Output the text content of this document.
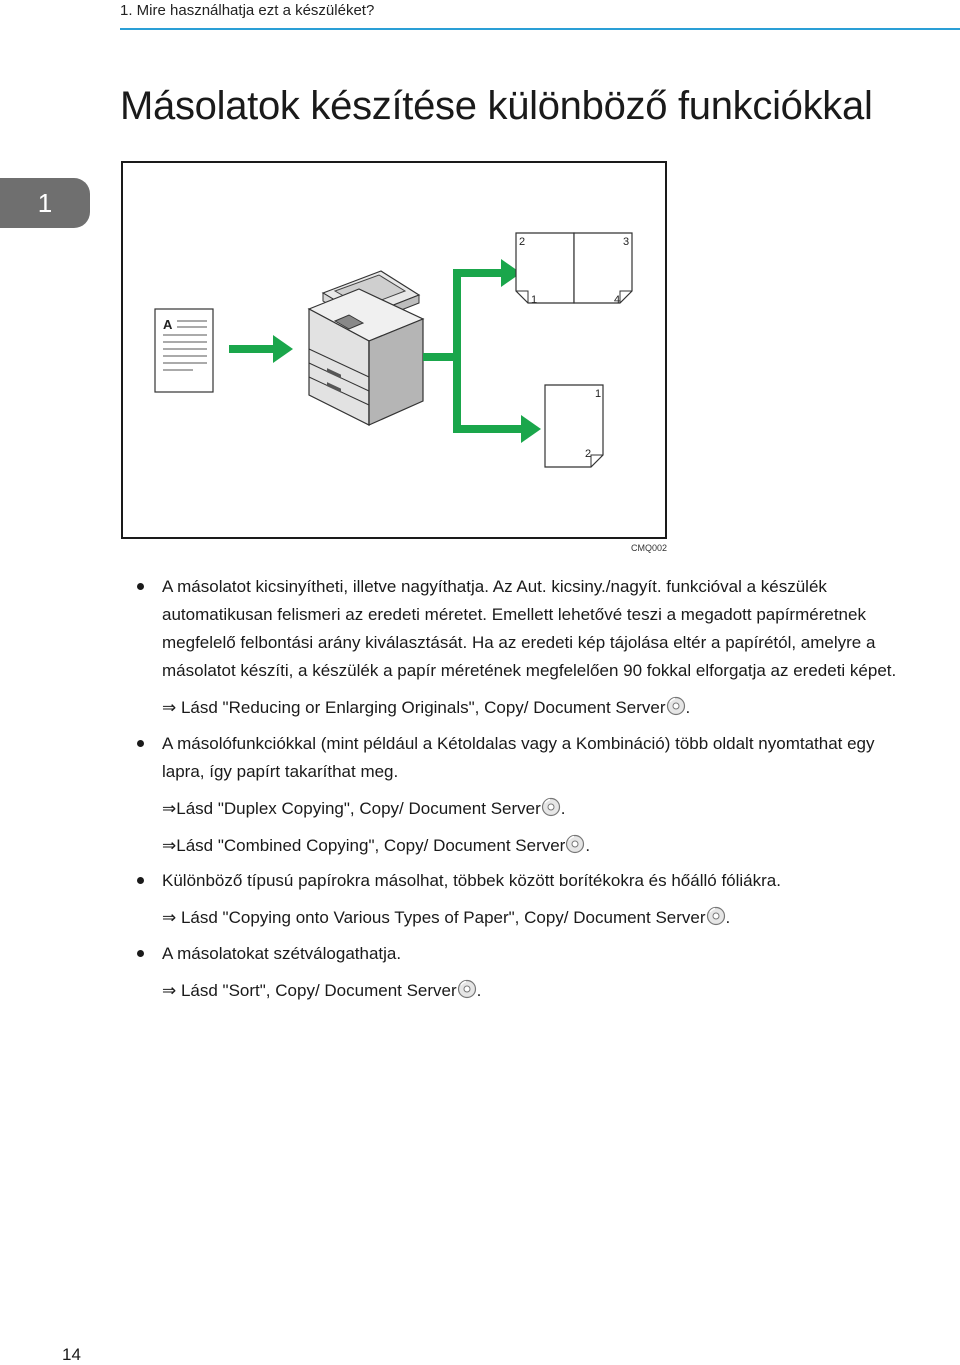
1. Mire használhatja ezt a készüléket?
Másolatok készítése különböző funkciókkal
1
A
2	3
1	4
1
2
CMQ002
A másolatot kicsinyítheti, illetve nagyíthatja. Az Aut. kicsiny./nagyít. funkcióval a készülék
automatikusan felismeri az eredeti méretet. Emellett lehetővé teszi a megadott papírméretnek
megfelelő felbontási arány kiválasztását. Ha az eredeti kép tájolása eltér a papírétól, amelyre a
másolatot készíti, a készülék a papír méretének megfelelően 90 fokkal elforgatja az eredeti képet.
⇒ Lásd "Reducing or Enlarging Originals", Copy/ Document Server .
A másolófunkciókkal (mint például a Kétoldalas vagy a Kombináció) több oldalt nyomtathat egy
lapra, így papírt takaríthat meg.
⇒Lásd "Duplex Copying", Copy/ Document Server .
⇒Lásd "Combined Copying", Copy/ Document Server .
Különböző típusú papírokra másolhat, többek között borítékokra és hőálló fóliákra.
⇒ Lásd "Copying onto Various Types of Paper", Copy/ Document Server .
A másolatokat szétválogathatja.
⇒ Lásd "Sort", Copy/ Document Server .
14
